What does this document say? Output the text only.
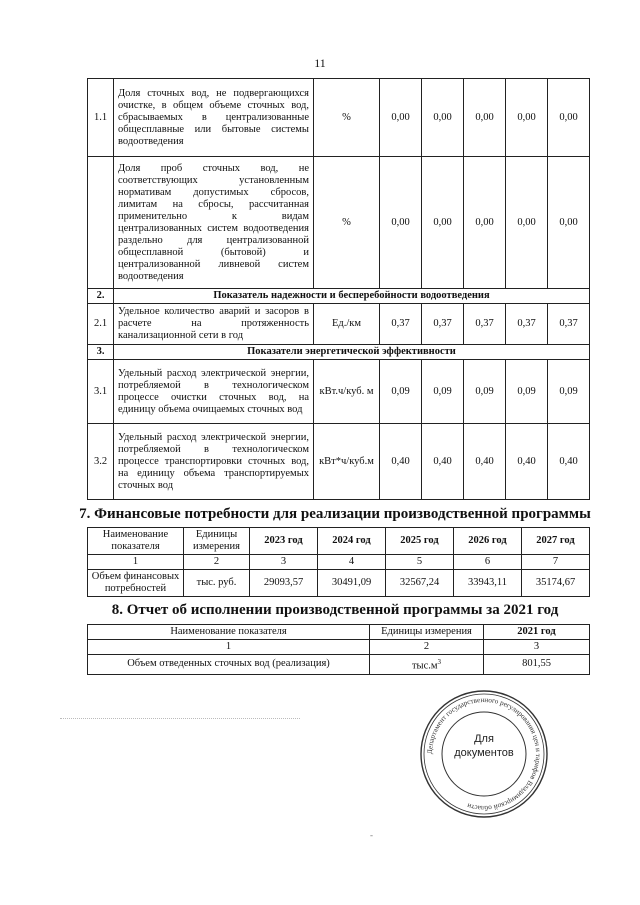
11
1.1	Доля сточных вод, не подвергающихся очистке, в общем объеме сточных вод, сбрасываемых в централизованные общесплавные или бытовые системы водоотведения	%	0,00	0,00	0,00	0,00	0,00
	Доля проб сточных вод, не соответствующих установленным нормативам допустимых сбросов, лимитам на сбросы, рассчитанная применительно к видам централизованных систем водоотведения раздельно для централизованной общесплавной (бытовой) и централизованной ливневой систем водоотведения	%	0,00	0,00	0,00	0,00	0,00
2.	Показатель надежности и бесперебойности водоотведения						
2.1	Удельное количество аварий и засоров в расчете на протяженность канализационной сети в год	Ед./км	0,37	0,37	0,37	0,37	0,37
3.	Показатели энергетической эффективности						
3.1	Удельный расход электрической энергии, потребляемой в технологическом процессе очистки сточных вод, на единицу объема очищаемых сточных вод	кВт.ч/куб. м	0,09	0,09	0,09	0,09	0,09
3.2	Удельный расход электрической энергии, потребляемой в технологическом процессе транспортировки сточных вод, на единицу объема транспортируемых сточных вод	кВт*ч/куб.м	0,40	0,40	0,40	0,40	0,40
7. Финансовые потребности для реализации производственной программы
Наименование показателя	Единицы измерения	2023 год	2024 год	2025 год	2026 год	2027 год
1	2	3	4	5	6	7
Объем финансовых потребностей	тыс. руб.	29093,57	30491,09	32567,24	33943,11	35174,67
8. Отчет об исполнении производственной программы за 2021 год
Наименование показателя	Единицы измерения	2021 год
1	2	3
Объем отведенных сточных вод (реализация)	$тыс.м^3$	801,55
Департамент государственного регулирования цен и тарифов Владимирской области
Для
документов
-
